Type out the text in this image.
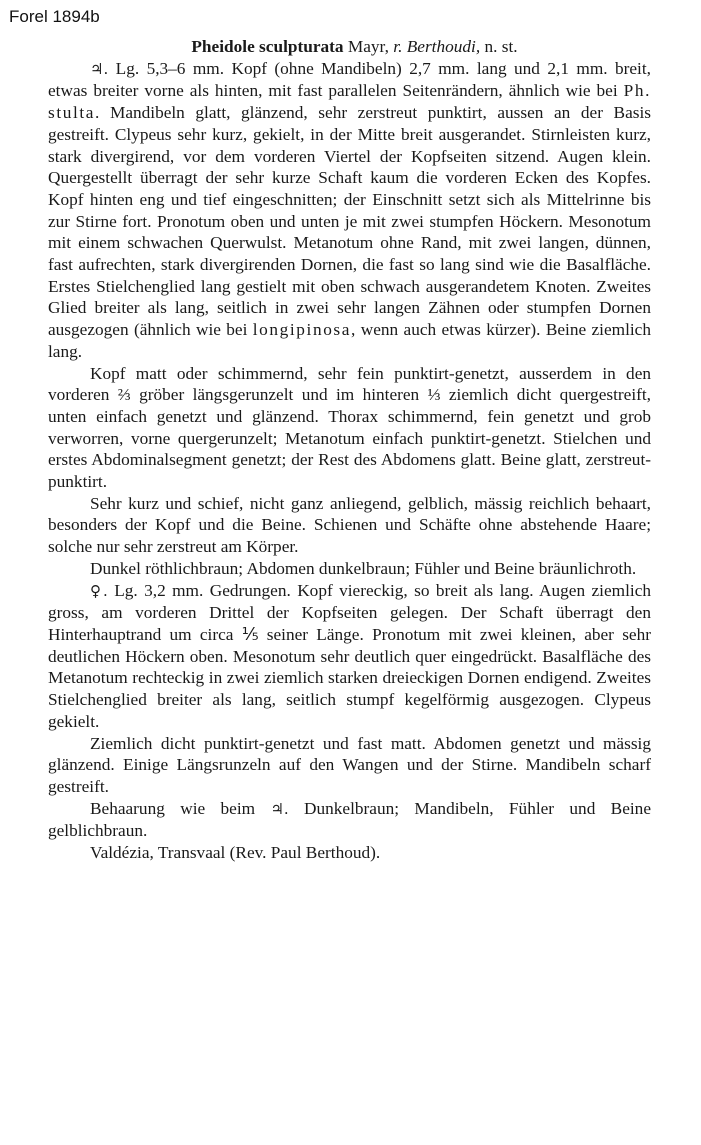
Forel 1894b
Pheidole sculpturata Mayr, r. Berthoudi, n. st.

♃. Lg. 5,3–6 mm. Kopf (ohne Mandibeln) 2,7 mm. lang und 2,1 mm. breit, etwas breiter vorne als hinten, mit fast parallelen Seitenrändern, ähnlich wie bei Ph. stulta. Mandibeln glatt, glänzend, sehr zerstreut punktirt, aussen an der Basis gestreift. Clypeus sehr kurz, gekielt, in der Mitte breit ausgerandet. Stirnleisten kurz, stark divergirend, vor dem vorderen Viertel der Kopfseiten sitzend. Augen klein. Quergestellt überragt der sehr kurze Schaft kaum die vorderen Ecken des Kopfes. Kopf hinten eng und tief eingeschnitten; der Einschnitt setzt sich als Mittelrinne bis zur Stirne fort. Pronotum oben und unten je mit zwei stumpfen Höckern. Mesonotum mit einem schwachen Querwulst. Metanotum ohne Rand, mit zwei langen, dünnen, fast aufrechten, stark divergirenden Dornen, die fast so lang sind wie die Basalfläche. Erstes Stielchenglied lang gestielt mit oben schwach ausgerandetem Knoten. Zweites Glied breiter als lang, seitlich in zwei sehr langen Zähnen oder stumpfen Dornen ausgezogen (ähnlich wie bei longipinosa, wenn auch etwas kürzer). Beine ziemlich lang.

Kopf matt oder schimmernd, sehr fein punktirt-genetzt, ausserdem in den vorderen ⅔ gröber längsgerunzelt und im hinteren ⅓ ziemlich dicht quergestreift, unten einfach genetzt und glänzend. Thorax schimmernd, fein genetzt und grob verworren, vorne quergerunzelt; Metanotum einfach punktirt-genetzt. Stielchen und erstes Abdominalsegment genetzt; der Rest des Abdomens glatt. Beine glatt, zerstreut-punktirt.

Sehr kurz und schief, nicht ganz anliegend, gelblich, mässig reichlich behaart, besonders der Kopf und die Beine. Schienen und Schäfte ohne abstehende Haare; solche nur sehr zerstreut am Körper.

Dunkel röthlichbraun; Abdomen dunkelbraun; Fühler und Beine bräunlichroth.

♀. Lg. 3,2 mm. Gedrungen. Kopf viereckig, so breit als lang. Augen ziemlich gross, am vorderen Drittel der Kopfseiten gelegen. Der Schaft überragt den Hinterhauptrand um circa ⅕ seiner Länge. Pronotum mit zwei kleinen, aber sehr deutlichen Höckern oben. Mesonotum sehr deutlich quer eingedrückt. Basalfläche des Metanotum rechteckig in zwei ziemlich starken dreieckigen Dornen endigend. Zweites Stielchenglied breiter als lang, seitlich stumpf kegelförmig ausgezogen. Clypeus gekielt.

Ziemlich dicht punktirt-genetzt und fast matt. Abdomen genetzt und mässig glänzend. Einige Längsrunzeln auf den Wangen und der Stirne. Mandibeln scharf gestreift.

Behaarung wie beim ♃. Dunkelbraun; Mandibeln, Fühler und Beine gelblichbraun.

Valdézia, Transvaal (Rev. Paul Berthoud).
